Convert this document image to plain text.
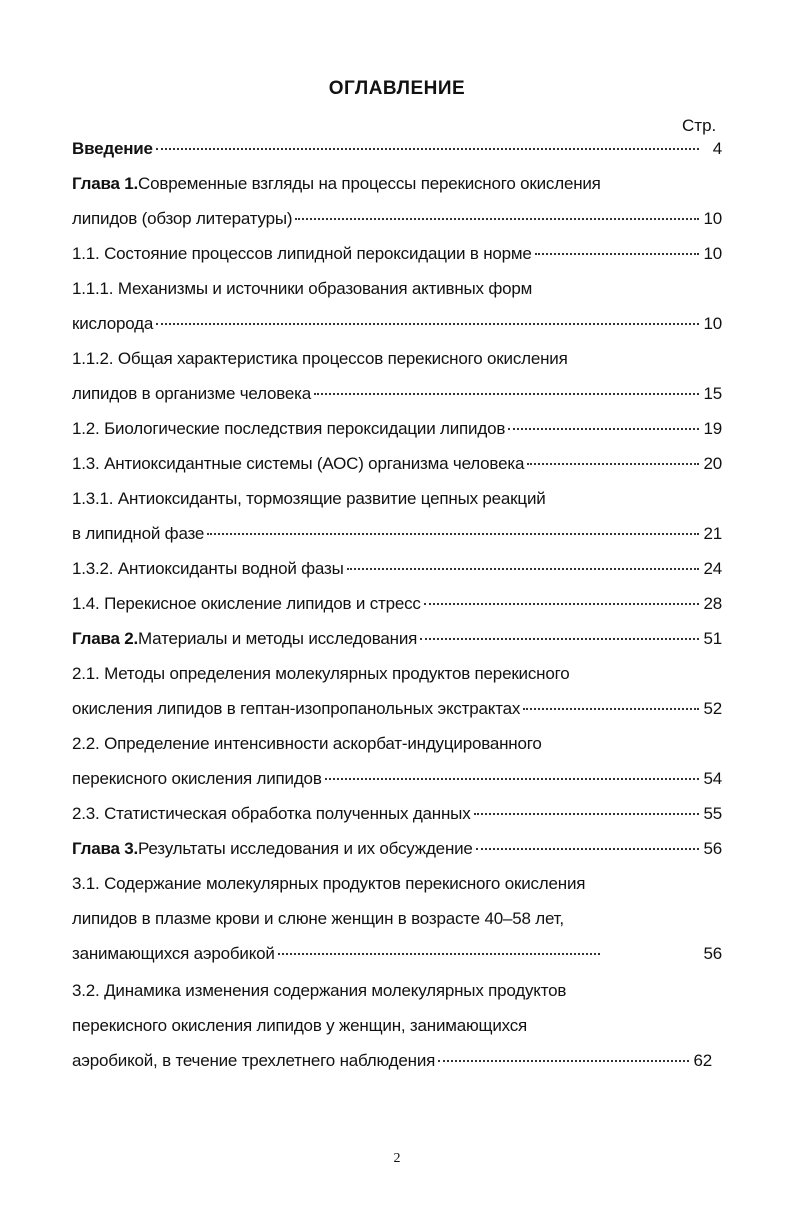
ОГЛАВЛЕНИЕ
Стр.
Введение	4
Глава 1. Современные взгляды на процессы перекисного окисления
липидов (обзор литературы)	10
1.1. Состояние процессов липидной пероксидации в норме	10
1.1.1. Механизмы и источники образования активных форм
кислорода	10
1.1.2. Общая характеристика процессов перекисного окисления
липидов в организме человека	15
1.2. Биологические последствия пероксидации липидов	19
1.3. Антиоксидантные системы (АОС) организма человека	20
1.3.1. Антиоксиданты, тормозящие развитие цепных реакций
в липидной фазе	21
1.3.2. Антиоксиданты водной фазы	24
1.4. Перекисное окисление липидов и стресс	28
Глава 2. Материалы и методы исследования	51
2.1. Методы определения молекулярных продуктов перекисного
окисления липидов в гептан-изопропанольных экстрактах	52
2.2. Определение интенсивности аскорбат-индуцированного
перекисного окисления липидов	54
2.3. Статистическая обработка полученных данных	55
Глава 3. Результаты исследования и их обсуждение	56
3.1. Содержание молекулярных продуктов перекисного окисления
липидов в плазме крови и слюне женщин в возрасте 40–58 лет,
занимающихся аэробикой	56
3.2. Динамика изменения содержания молекулярных продуктов
перекисного окисления липидов у женщин, занимающихся
аэробикой, в течение трехлетнего наблюдения	62
2
